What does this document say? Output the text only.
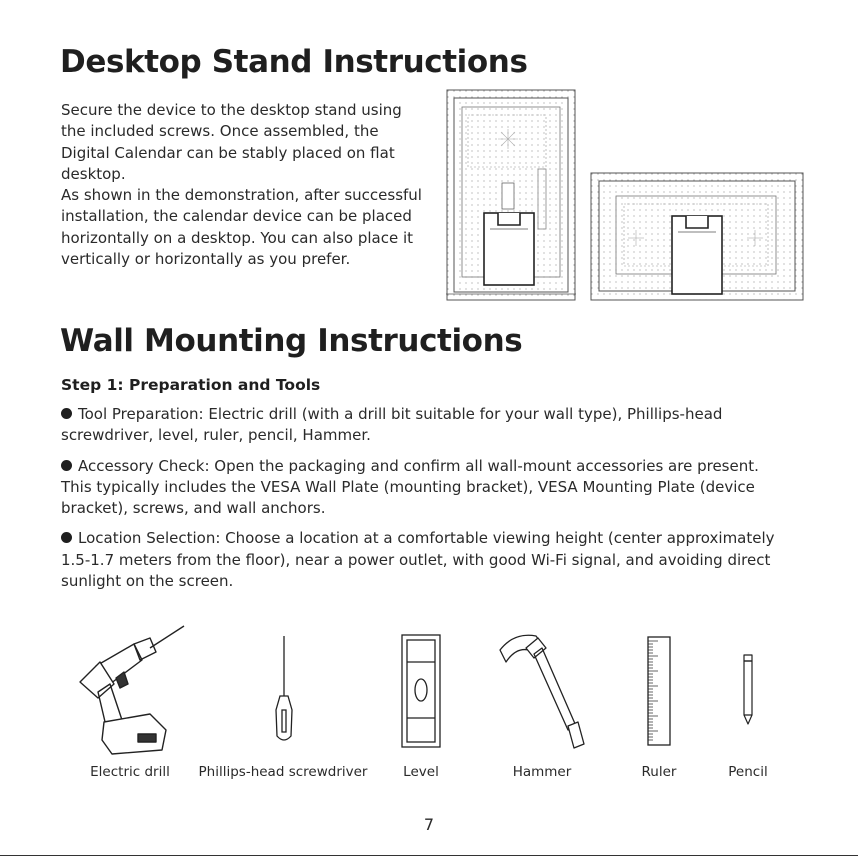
Desktop Stand Instructions

Secure the device to the desktop stand using the included screws. Once assembled, the Digital Calendar can be stably placed on flat desktop.

As shown in the demonstration, after successful installation, the calendar device can be placed horizontally on a desktop. You can also place it vertically or horizontally as you prefer.

Wall Mounting Instructions

Step 1: Preparation and Tools

Tool Preparation: Electric drill (with a drill bit suitable for your wall type), Phillips-head screwdriver, level, ruler, pencil, Hammer.

Accessory Check: Open the packaging and confirm all wall-mount accessories are present. This typically includes the VESA Wall Plate (mounting bracket), VESA Mounting Plate (device bracket), screws, and wall anchors.

Location Selection: Choose a location at a comfortable viewing height (center approximately 1.5-1.7 meters from the floor), near a power outlet, with good Wi-Fi signal, and avoiding direct sunlight on the screen.

Electric drill Phillips-head screwdriver	Level	Hammer	Ruler	Pencil
7
